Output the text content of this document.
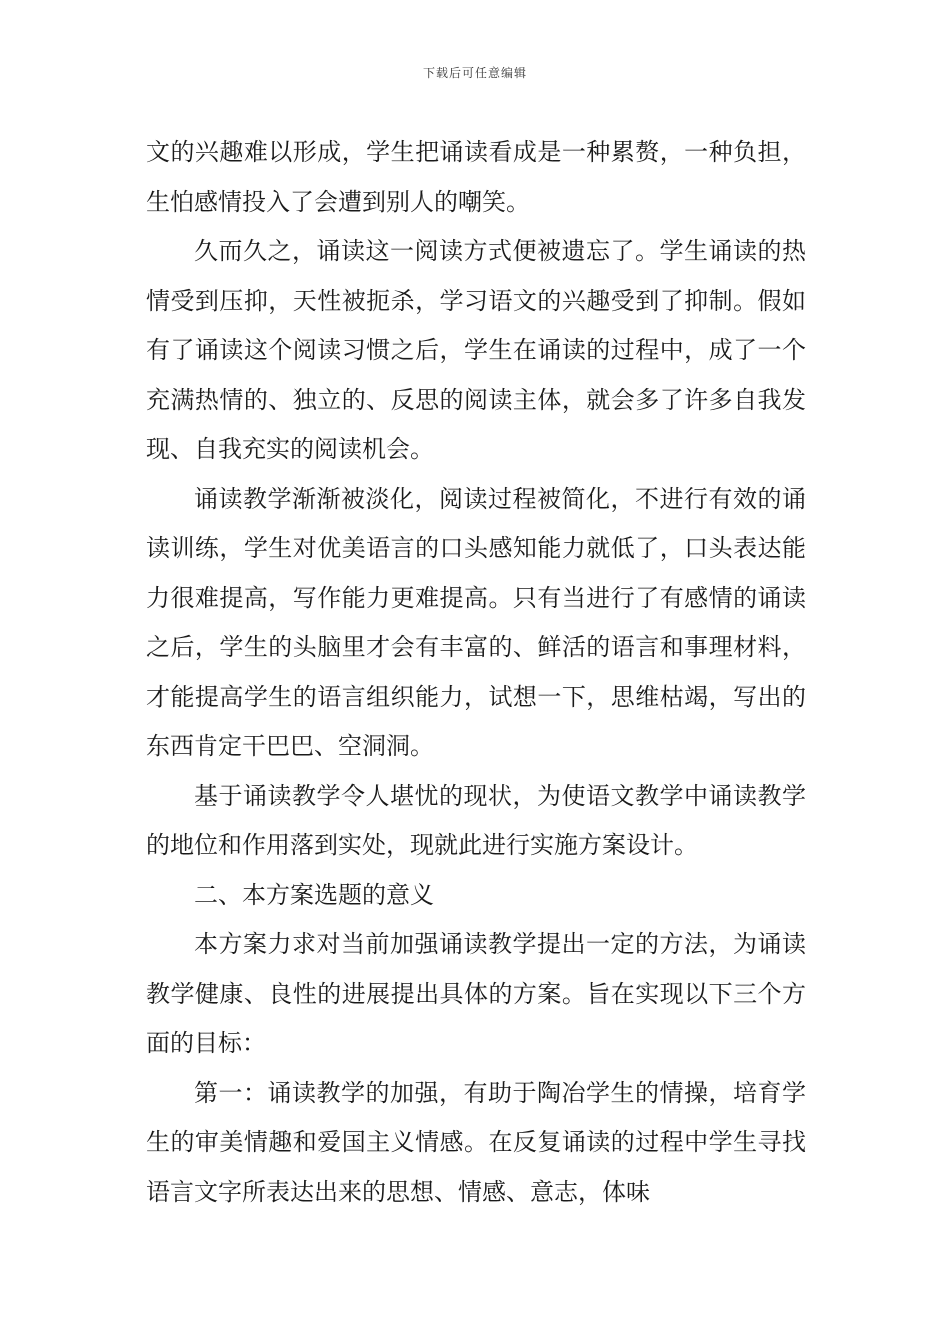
下载后可任意编辑

文的兴趣难以形成，学生把诵读看成是一种累赘，一种负担，生怕感情投入了会遭到别人的嘲笑。

久而久之，诵读这一阅读方式便被遗忘了。学生诵读的热情受到压抑，天性被扼杀，学习语文的兴趣受到了抑制。假如有了诵读这个阅读习惯之后，学生在诵读的过程中，成了一个充满热情的、独立的、反思的阅读主体，就会多了许多自我发现、自我充实的阅读机会。

诵读教学渐渐被淡化，阅读过程被简化，不进行有效的诵读训练，学生对优美语言的口头感知能力就低了，口头表达能力很难提高，写作能力更难提高。只有当进行了有感情的诵读之后，学生的头脑里才会有丰富的、鲜活的语言和事理材料，才能提高学生的语言组织能力，试想一下，思维枯竭，写出的东西肯定干巴巴、空洞洞。

基于诵读教学令人堪忧的现状，为使语文教学中诵读教学的地位和作用落到实处，现就此进行实施方案设计。

二、本方案选题的意义

本方案力求对当前加强诵读教学提出一定的方法，为诵读教学健康、良性的进展提出具体的方案。旨在实现以下三个方面的目标：

第一：诵读教学的加强，有助于陶冶学生的情操，培育学生的审美情趣和爱国主义情感。在反复诵读的过程中学生寻找语言文字所表达出来的思想、情感、意志，体味
